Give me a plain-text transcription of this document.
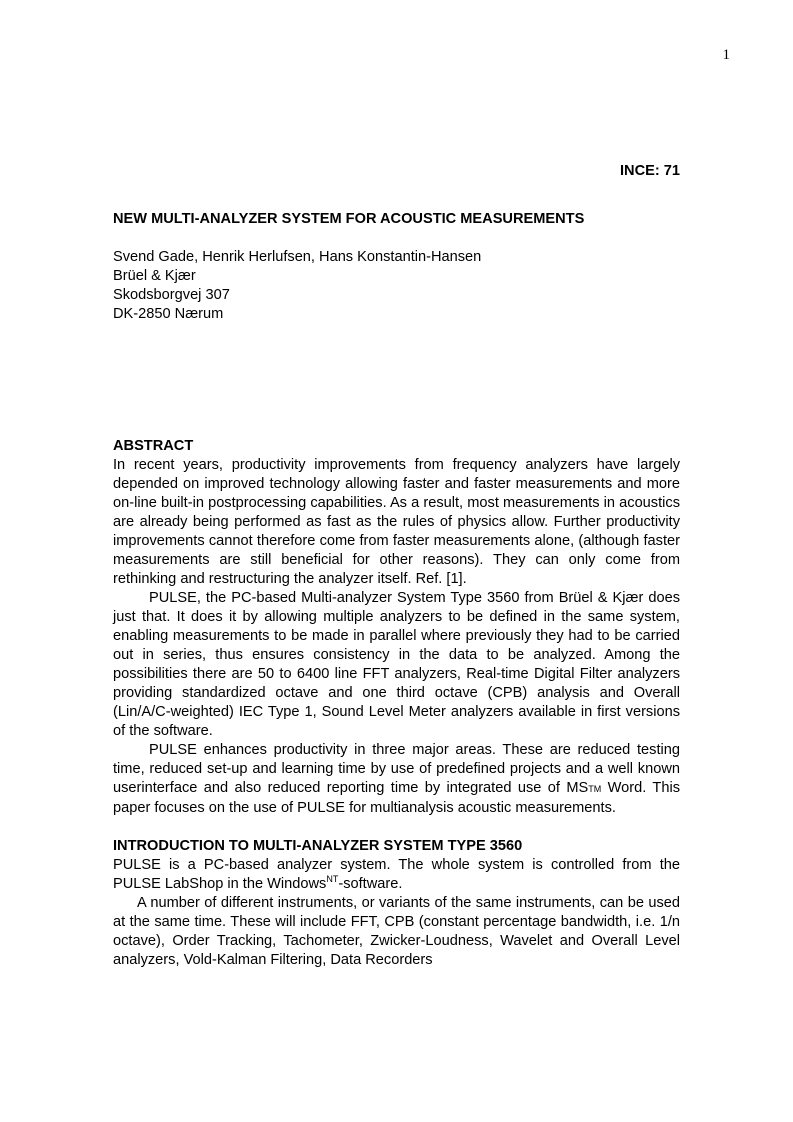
1
INCE: 71
NEW MULTI-ANALYZER SYSTEM FOR ACOUSTIC MEASUREMENTS
Svend Gade, Henrik Herlufsen, Hans Konstantin-Hansen
Brüel & Kjær
Skodsborgvej 307
DK-2850 Nærum
ABSTRACT

In recent years, productivity improvements from frequency analyzers have largely depended on improved technology allowing faster and faster measurements and more on-line built-in postprocessing capabilities. As a result, most measurements in acoustics are already being performed as fast as the rules of physics allow. Further productivity improvements cannot therefore come from faster measurements alone, (although faster measurements are still beneficial for other reasons). They can only come from rethinking and restructuring the analyzer itself. Ref. [1].

PULSE, the PC-based Multi-analyzer System Type 3560 from Brüel & Kjær does just that. It does it by allowing multiple analyzers to be defined in the same system, enabling measurements to be made in parallel where previously they had to be carried out in series, thus ensures consistency in the data to be analyzed. Among the possibilities there are 50 to 6400 line FFT analyzers, Real-time Digital Filter analyzers providing standardized octave and one third octave (CPB) analysis and Overall (Lin/A/C-weighted) IEC Type 1, Sound Level Meter analyzers available in first versions of the software.

PULSE enhances productivity in three major areas. These are reduced testing time, reduced set-up and learning time by use of predefined projects and a well known userinterface and also reduced reporting time by integrated use of MSTM Word. This paper focuses on the use of PULSE for multianalysis acoustic measurements.

INTRODUCTION TO MULTI-ANALYZER SYSTEM TYPE 3560

PULSE is a PC-based analyzer system. The whole system is controlled from the PULSE LabShop in the Windows$^{NT}$-software.

A number of different instruments, or variants of the same instruments, can be used at the same time. These will include FFT, CPB (constant percentage bandwidth, i.e. 1/n octave), Order Tracking, Tachometer, Zwicker-Loudness, Wavelet and Overall Level analyzers, Vold-Kalman Filtering, Data Recorders
